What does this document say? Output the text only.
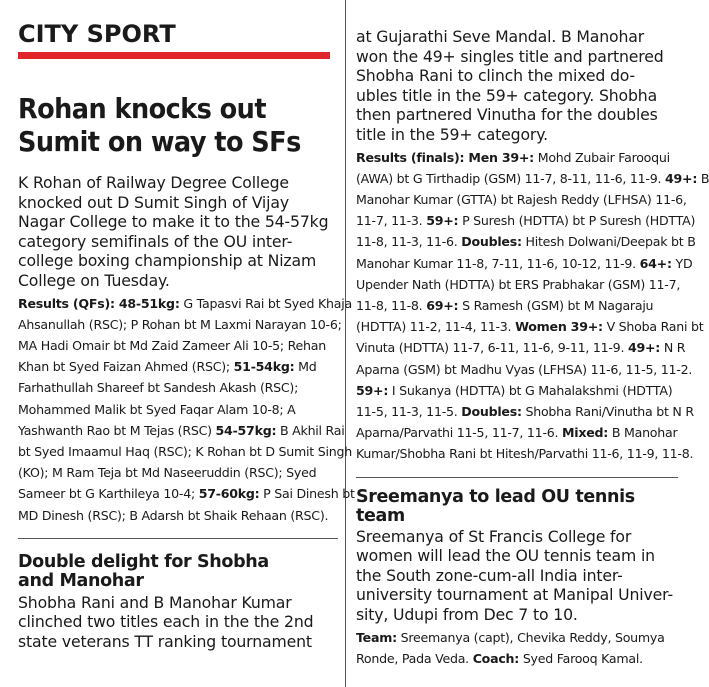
CITY SPORT
Rohan knocks out
Sumit on way to SFs
K Rohan of Railway Degree College
knocked out D Sumit Singh of Vijay
Nagar College to make it to the 54-57kg
category semifinals of the OU inter-
college boxing championship at Nizam
College on Tuesday.
Results (QFs): 48-51kg: G Tapasvi Rai bt Syed Khaja
Ahsanullah (RSC); P Rohan bt M Laxmi Narayan 10-6;
MA Hadi Omair bt Md Zaid Zameer Ali 10-5; Rehan
Khan bt Syed Faizan Ahmed (RSC); 51-54kg: Md
Farhathullah Shareef bt Sandesh Akash (RSC);
Mohammed Malik bt Syed Faqar Alam 10-8; A
Yashwanth Rao bt M Tejas (RSC) 54-57kg: B Akhil Rai
bt Syed Imaamul Haq (RSC); K Rohan bt D Sumit Singh
(KO); M Ram Teja bt Md Naseeruddin (RSC); Syed
Sameer bt G Karthileya 10-4; 57-60kg: P Sai Dinesh bt
MD Dinesh (RSC); B Adarsh bt Shaik Rehaan (RSC).
Double delight for Shobha
and Manohar
Shobha Rani and B Manohar Kumar
clinched two titles each in the the 2nd
state veterans TT ranking tournament
at Gujarathi Seve Mandal. B Manohar
won the 49+ singles title and partnered
Shobha Rani to clinch the mixed do-
ubles title in the 59+ category. Shobha
then partnered Vinutha for the doubles
title in the 59+ category.
Results (finals): Men 39+: Mohd Zubair Farooqui
(AWA) bt G Tirthadip (GSM) 11-7, 8-11, 11-6, 11-9. 49+: B
Manohar Kumar (GTTA) bt Rajesh Reddy (LFHSA) 11-6,
11-7, 11-3. 59+: P Suresh (HDTTA) bt P Suresh (HDTTA)
11-8, 11-3, 11-6. Doubles: Hitesh Dolwani/Deepak bt B
Manohar Kumar 11-8, 7-11, 11-6, 10-12, 11-9. 64+: YD
Upender Nath (HDTTA) bt ERS Prabhakar (GSM) 11-7,
11-8, 11-8. 69+: S Ramesh (GSM) bt M Nagaraju
(HDTTA) 11-2, 11-4, 11-3. Women 39+: V Shoba Rani bt
Vinuta (HDTTA) 11-7, 6-11, 11-6, 9-11, 11-9. 49+: N R
Aparna (GSM) bt Madhu Vyas (LFHSA) 11-6, 11-5, 11-2.
59+: I Sukanya (HDTTA) bt G Mahalakshmi (HDTTA)
11-5, 11-3, 11-5. Doubles: Shobha Rani/Vinutha bt N R
Aparna/Parvathi 11-5, 11-7, 11-6. Mixed: B Manohar
Kumar/Shobha Rani bt Hitesh/Parvathi 11-6, 11-9, 11-8.
Sreemanya to lead OU tennis team
Sreemanya of St Francis College for
women will lead the OU tennis team in
the South zone-cum-all India inter-
university tournament at Manipal Univer-
sity, Udupi from Dec 7 to 10.
Team: Sreemanya (capt), Chevika Reddy, Soumya
Ronde, Pada Veda. Coach: Syed Farooq Kamal.
